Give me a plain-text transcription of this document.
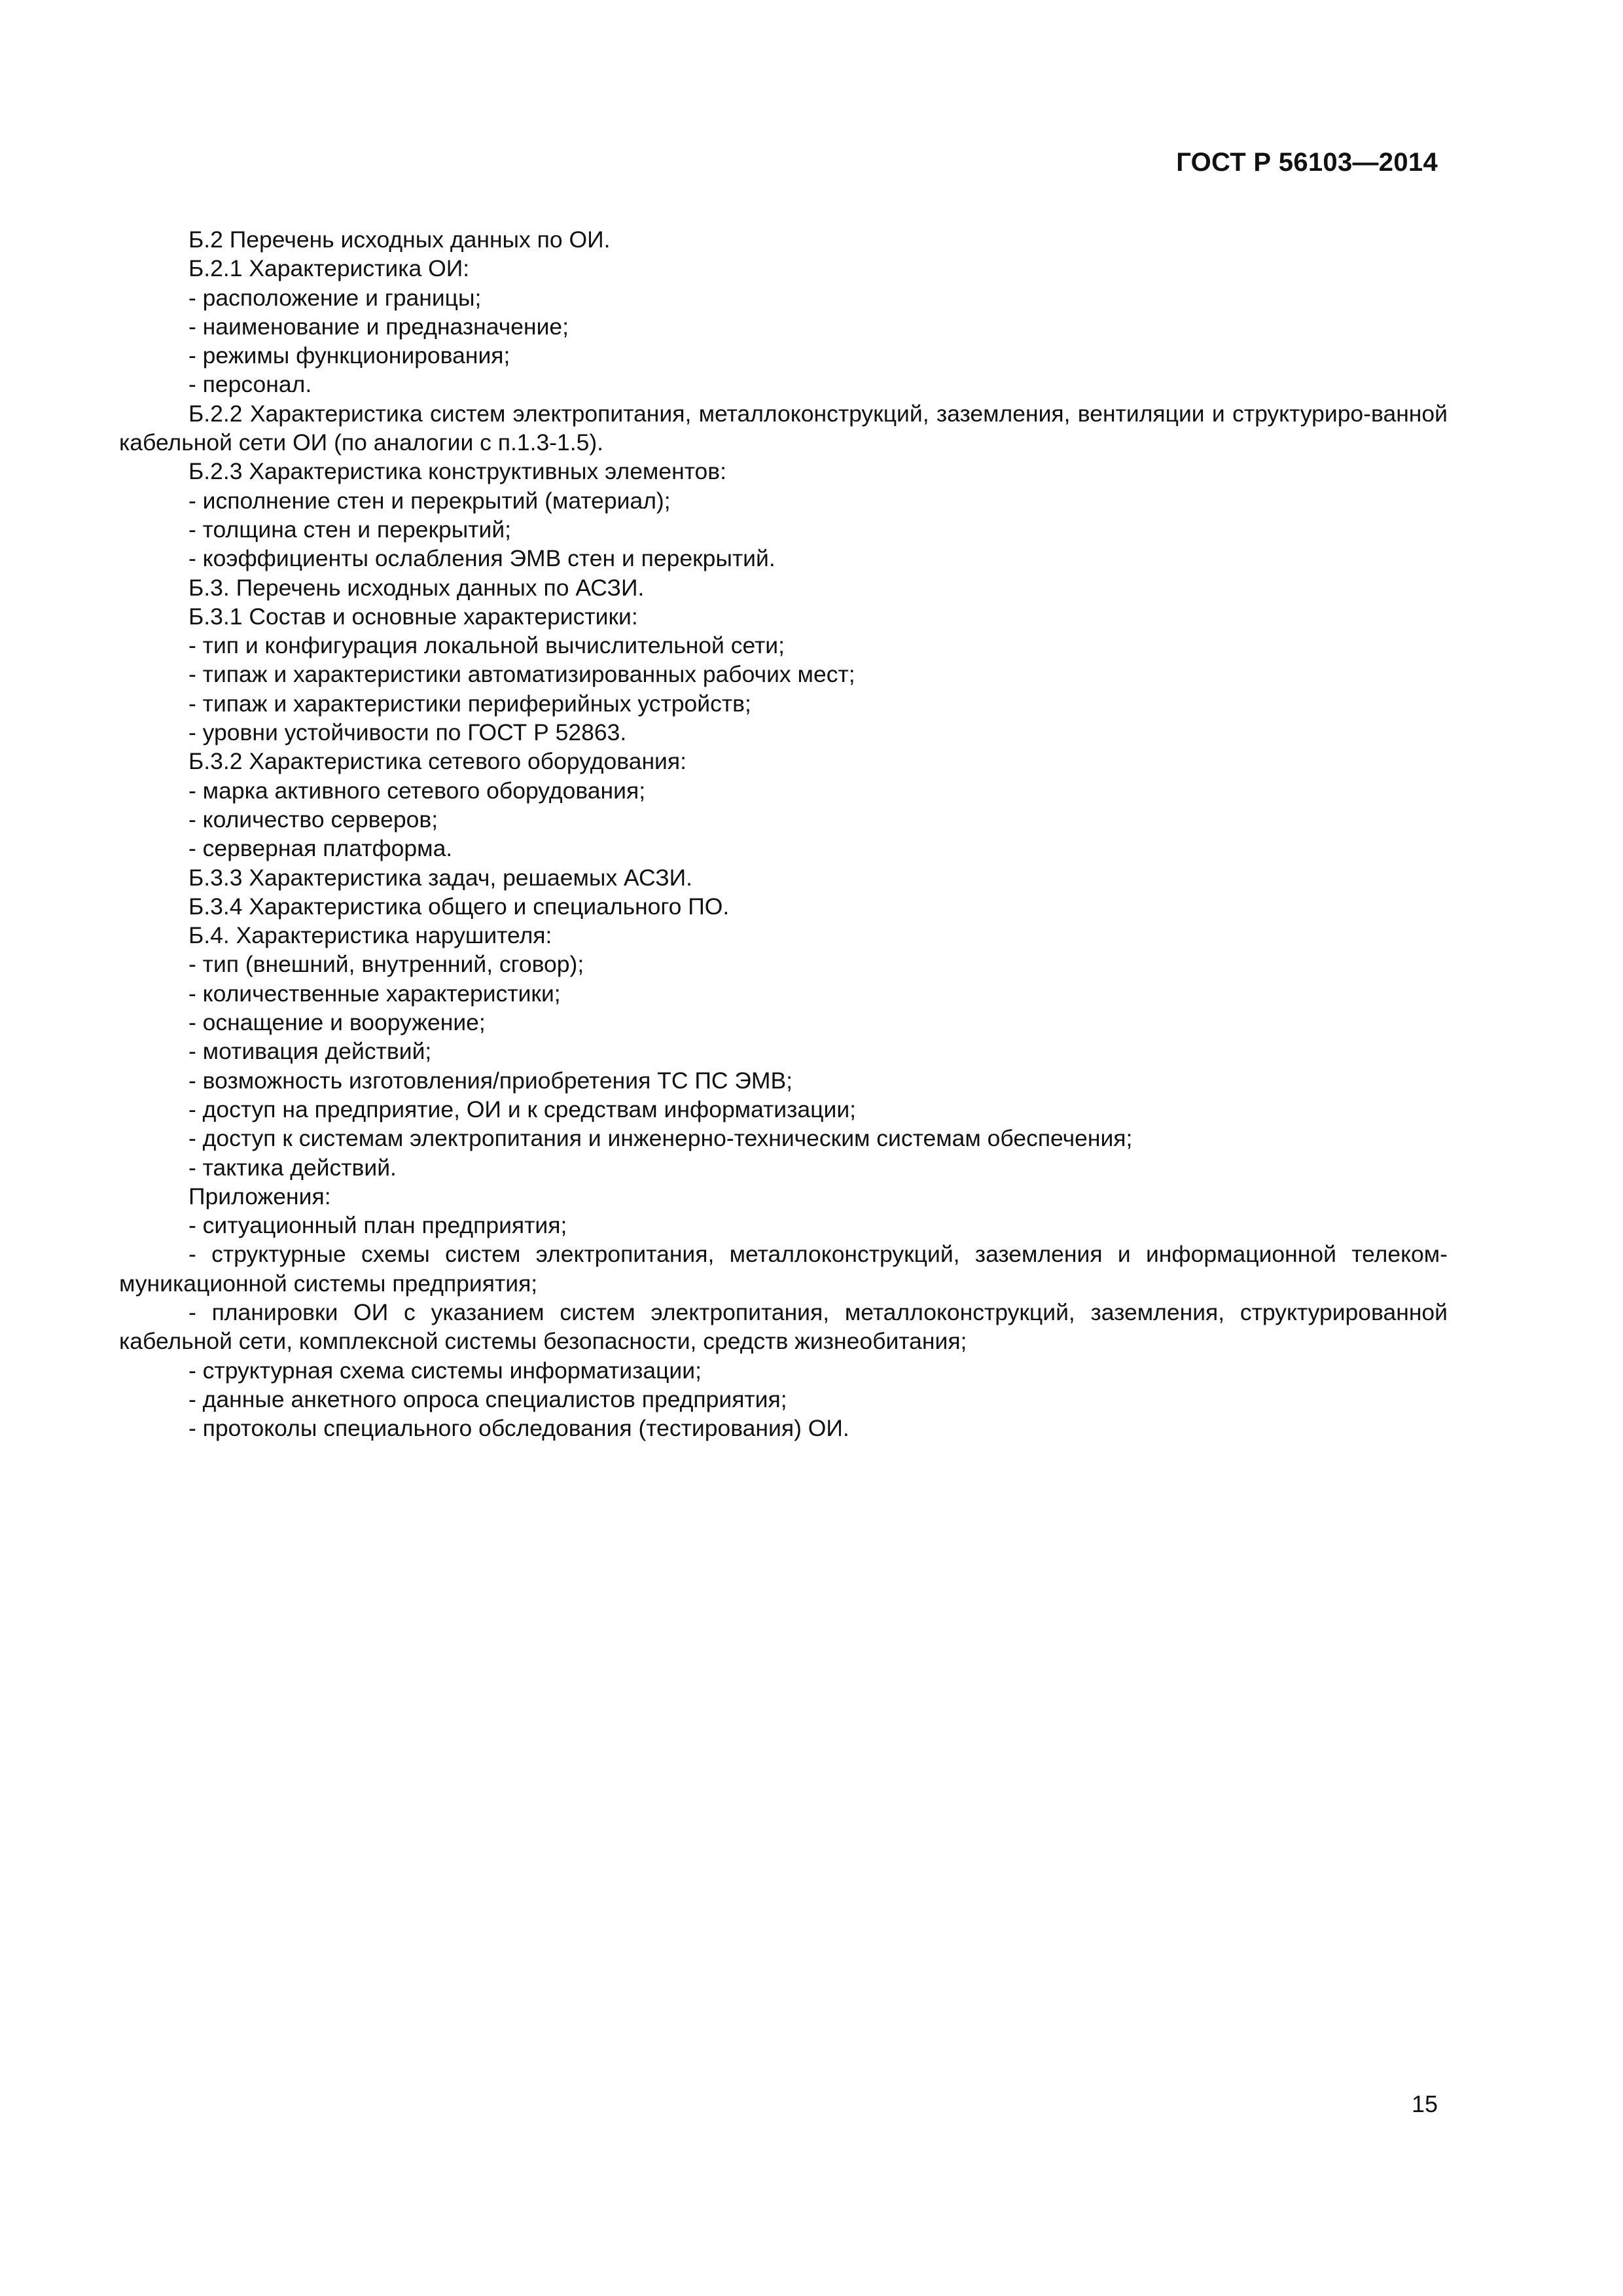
ГОСТ Р 56103—2014

Б.2 Перечень исходных данных по ОИ.

Б.2.1 Характеристика ОИ:

- расположение и границы;

- наименование и предназначение;

- режимы функционирования;

- персонал.

Б.2.2 Характеристика систем электропитания, металлоконструкций, заземления, вентиляции и структуриро-ванной кабельной сети ОИ (по аналогии с п.1.3-1.5).

Б.2.3 Характеристика конструктивных элементов:

- исполнение стен и перекрытий (материал);

- толщина стен и перекрытий;

- коэффициенты ослабления ЭМВ стен и перекрытий.

Б.3. Перечень исходных данных по АСЗИ.

Б.3.1 Состав и основные характеристики:

- тип и конфигурация локальной вычислительной сети;

- типаж и характеристики автоматизированных рабочих мест;

- типаж и характеристики периферийных устройств;

- уровни устойчивости по ГОСТ Р 52863.

Б.3.2 Характеристика сетевого оборудования:

- марка активного сетевого оборудования;

- количество серверов;

- серверная платформа.

Б.3.3 Характеристика задач, решаемых АСЗИ.

Б.3.4 Характеристика общего и специального ПО.

Б.4. Характеристика нарушителя:

- тип (внешний, внутренний, сговор);

- количественные характеристики;

- оснащение и вооружение;

- мотивация действий;

- возможность изготовления/приобретения ТС ПС ЭМВ;

- доступ на предприятие, ОИ и к средствам информатизации;

- доступ к системам электропитания и инженерно-техническим системам обеспечения;

- тактика действий.

Приложения:

- ситуационный план предприятия;

- структурные схемы систем электропитания, металлоконструкций, заземления и информационной телеком-муникационной системы предприятия;

- планировки ОИ с указанием систем электропитания, металлоконструкций, заземления, структурированной кабельной сети, комплексной системы безопасности, средств жизнеобитания;

- структурная схема системы информатизации;

- данные анкетного опроса специалистов предприятия;

- протоколы специального обследования (тестирования) ОИ.

15
